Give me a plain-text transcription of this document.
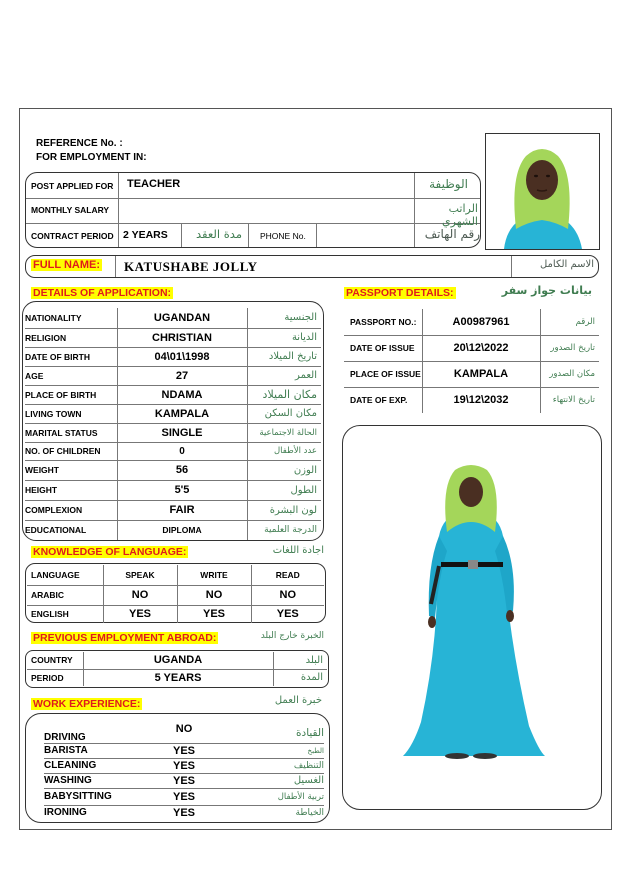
REFERENCE No. :
FOR EMPLOYMENT IN:
POST APPLIED FOR TEACHER	الوظيفة
MONTHLY SALARY	الراتب الشهري
CONTRACT PERIOD 2 YEARS	مدة العقد PHONE No.	رقم الهاتف
FULL NAME: KATUSHABE JOLLY	الاسم الكامل
DETAILS OF APPLICATION:
NATIONALITY	UGANDAN	الجنسية
RELIGION	CHRISTIAN	الديانة
DATE OF BIRTH	04\01\1998	تاريخ الميلاد
AGE	27	العمر
PLACE OF BIRTH	NDAMA	مكان الميلاد
LIVING TOWN	KAMPALA	مكان السكن
MARITAL STATUS	SINGLE	الحالة الاجتماعية
NO. OF CHILDREN	0	عدد الأطفال
WEIGHT	56	الوزن
HEIGHT	5'5	الطول
COMPLEXION	FAIR	لون البشرة
EDUCATIONAL	DIPLOMA	الدرجة العلمية
PASSPORT DETAILS:	بيانات جواز سفر
PASSPORT NO.:	A00987961	الرقم
DATE OF ISSUE	20\12\2022	تاريخ الصدور
PLACE OF ISSUE	KAMPALA	مكان الصدور
DATE OF EXP.	19\12\2032	تاريخ الانتهاء
KNOWLEDGE OF LANGUAGE:	اجادة اللغات
LANGUAGE	SPEAK	WRITE	READ
ARABIC	NO	NO	NO
ENGLISH	YES	YES	YES
PREVIOUS EMPLOYMENT ABROAD:	الخبرة خارج البلد
COUNTRY	UGANDA	البلد
PERIOD	5 YEARS	المدة
WORK EXPERIENCE:	خبرة العمل
DRIVING	NO	القيادة
BARISTA	YES	الطبخ
CLEANING	YES	التنظيف
WASHING	YES	الغسيل
BABYSITTING	YES	تربية الأطفال
IRONING	YES	الخياطة
